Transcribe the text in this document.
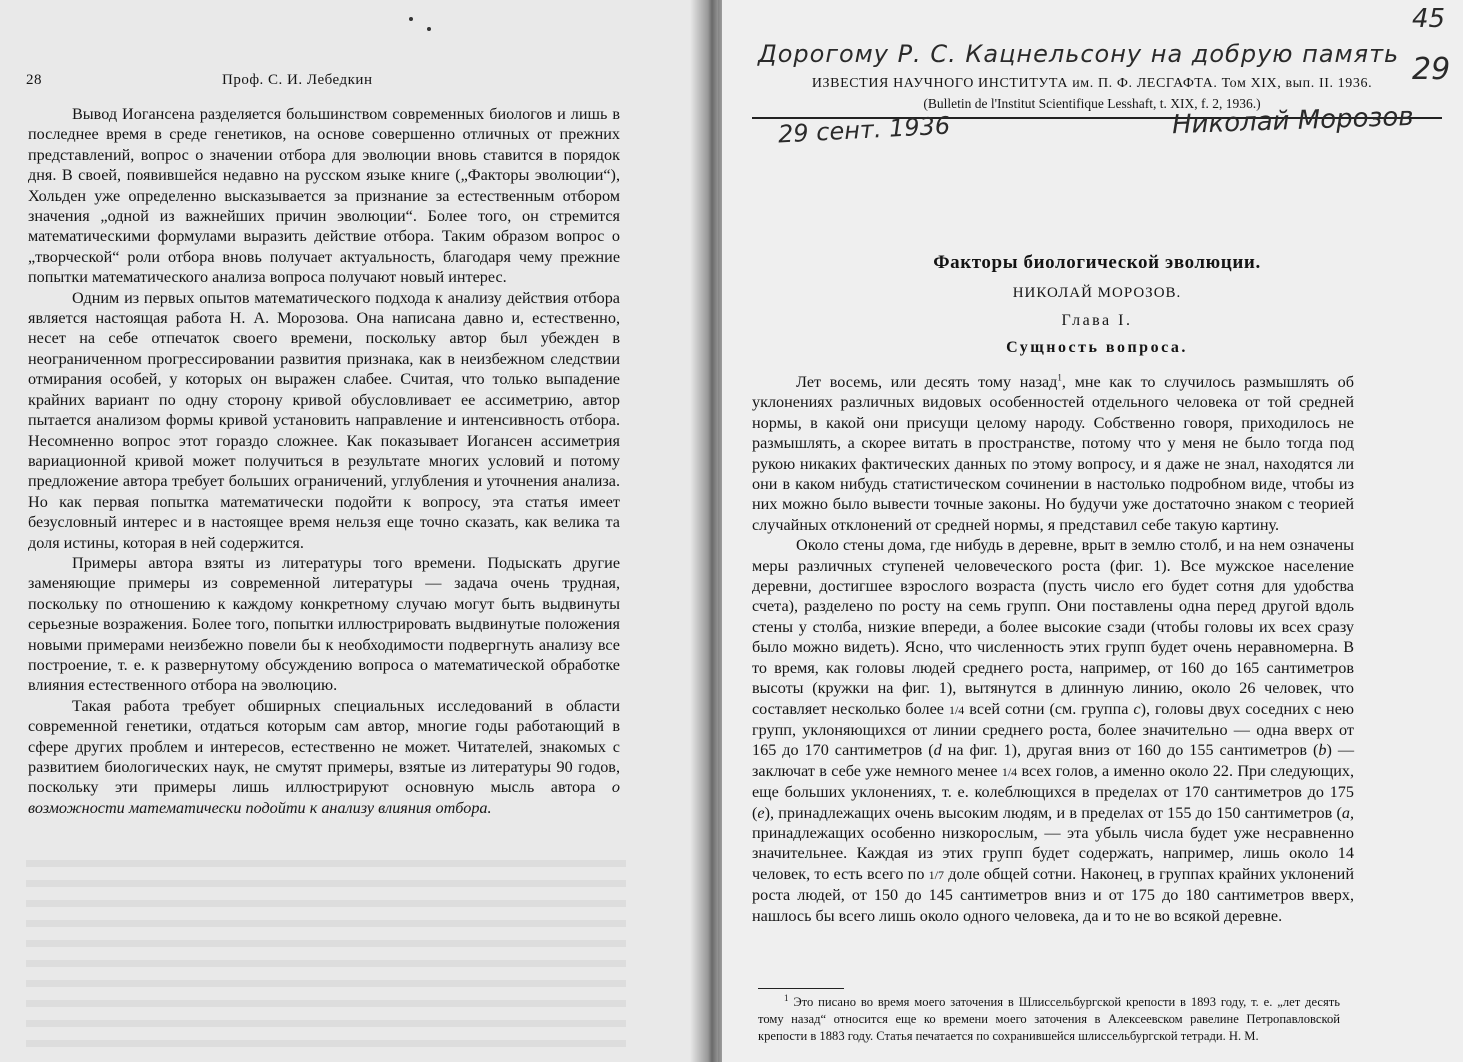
28	Проф. С. И. Лебедкин

Вывод Иогансена разделяется большинством современных биологов и лишь в последнее время в среде генетиков, на основе совершенно отличных от прежних представлений, вопрос о значении отбора для эволюции вновь ставится в порядок дня. В своей, появившейся недавно на русском языке книге („Факторы эволюции“), Хольден уже определенно высказывается за признание за естественным отбором значения „одной из важнейших причин эволюции“. Более того, он стремится математическими формулами выразить действие отбора. Таким образом вопрос о „творческой“ роли отбора вновь получает актуальность, благодаря чему прежние попытки математического анализа вопроса получают новый интерес.

Одним из первых опытов математического подхода к анализу действия отбора является настоящая работа Н. А. Морозова. Она написана давно и, естественно, несет на себе отпечаток своего времени, поскольку автор был убежден в неограниченном прогрессировании развития признака, как в неизбежном следствии отмирания особей, у которых он выражен слабее. Считая, что только выпадение крайних вариант по одну сторону кривой обусловливает ее ассиметрию, автор пытается анализом формы кривой установить направление и интенсивность отбора. Несомненно вопрос этот гораздо сложнее. Как показывает Иогансен ассиметрия вариационной кривой может получиться в результате многих условий и потому предложение автора требует больших ограничений, углубления и уточнения анализа. Но как первая попытка математически подойти к вопросу, эта статья имеет безусловный интерес и в настоящее время нельзя еще точно сказать, как велика та доля истины, которая в ней содержится.

Примеры автора взяты из литературы того времени. Подыскать другие заменяющие примеры из современной литературы — задача очень трудная, поскольку по отношению к каждому конкретному случаю могут быть выдвинуты серьезные возражения. Более того, попытки иллюстрировать выдвинутые положения новыми примерами неизбежно повели бы к необходимости подвергнуть анализу все построение, т. е. к развернутому обсуждению вопроса о математической обработке влияния естественного отбора на эволюцию.

Такая работа требует обширных специальных исследований в области современной генетики, отдаться которым сам автор, многие годы работающий в сфере других проблем и интересов, естественно не может. Читателей, знакомых с развитием биологических наук, не смутят примеры, взятые из литературы 90 годов, поскольку эти примеры лишь иллюстрируют основную мысль автора о возможности математически подойти к анализу влияния отбора.

Дорогому Р. С. Кацнельсону на добрую память
45
29
ИЗВЕСТИЯ НАУЧНОГО ИНСТИТУТА им. П. Ф. ЛЕСГАФТА. Том XIX, вып. II. 1936.
(Bulletin de l'Institut Scientifique Lesshaft, t. XIX, f. 2, 1936.)
29 сент. 1936	Николай Морозов
Факторы биологической эволюции.
НИКОЛАЙ МОРОЗОВ.
Глава I.
Сущность вопроса.

Лет восемь, или десять тому назад$^1$, мне как то случилось размышлять об уклонениях различных видовых особенностей отдельного человека от той средней нормы, в какой они присущи целому народу. Собственно говоря, приходилось не размышлять, а скорее витать в пространстве, потому что у меня не было тогда под рукою никаких фактических данных по этому вопросу, и я даже не знал, находятся ли они в каком нибудь статистическом сочинении в настолько подробном виде, чтобы из них можно было вывести точные законы. Но будучи уже достаточно знаком с теорией случайных отклонений от средней нормы, я представил себе такую картину.

Около стены дома, где нибудь в деревне, врыт в землю столб, и на нем означены меры различных ступеней человеческого роста (фиг. 1). Все мужское население деревни, достигшее взрослого возраста (пусть число его будет сотня для удобства счета), разделено по росту на семь групп. Они поставлены одна перед другой вдоль стены у столба, низкие впереди, а более высокие сзади (чтобы головы их всех сразу было можно видеть). Ясно, что численность этих групп будет очень неравномерна. В то время, как головы людей среднего роста, например, от 160 до 165 сантиметров высоты (кружки на фиг. 1), вытянутся в длинную линию, около 26 человек, что составляет несколько более 1/4 всей сотни (см. группа c), головы двух соседних с нею групп, уклоняющихся от линии среднего роста, более значительно — одна вверх от 165 до 170 сантиметров (d на фиг. 1), другая вниз от 160 до 155 сантиметров (b) — заключат в себе уже немного менее 1/4 всех голов, а именно около 22. При следующих, еще больших уклонениях, т. е. колеблющихся в пределах от 170 сантиметров до 175 (e), принадлежащих очень высоким людям, и в пределах от 155 до 150 сантиметров (a, принадлежащих особенно низкорослым, — эта убыль числа будет уже несравненно значительнее. Каждая из этих групп будет содержать, например, лишь около 14 человек, то есть всего по 1/7 доле общей сотни. Наконец, в группах крайних уклонений роста людей, от 150 до 145 сантиметров вниз и от 175 до 180 сантиметров вверх, нашлось бы всего лишь около одного человека, да и то не во всякой деревне.

$^1$ Это писано во время моего заточения в Шлиссельбургской крепости в 1893 году, т. е. „лет десять тому назад“ относится еще ко времени моего заточения в Алексеевском равелине Петропавловской крепости в 1883 году. Статья печатается по сохранившейся шлиссельбургской тетради. Н. М.
